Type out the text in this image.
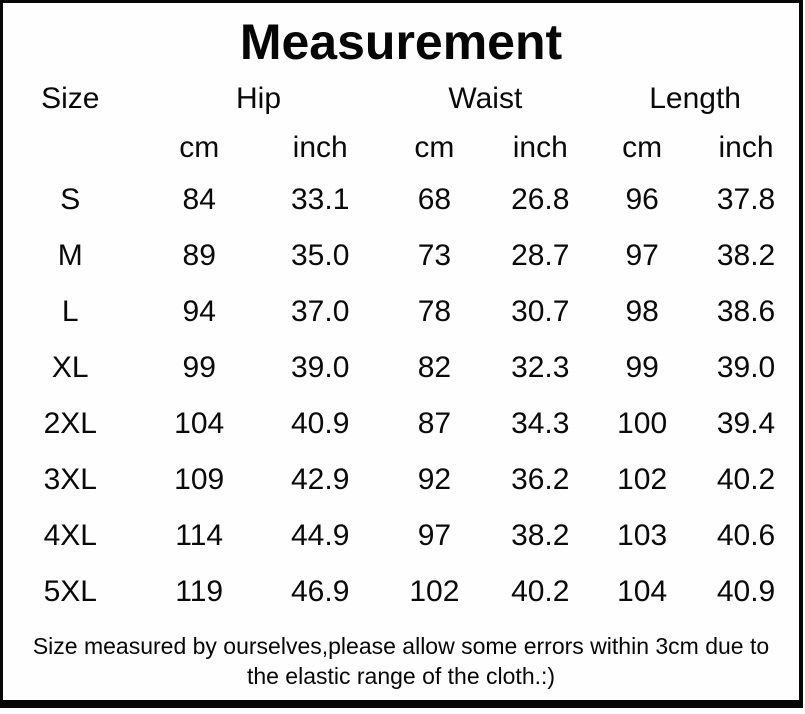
Measurement
Size	Hip		Waist		Length	
	cm	inch	cm	inch	cm	inch
S	84	33.1	68	26.8	96	37.8
M	89	35.0	73	28.7	97	38.2
L	94	37.0	78	30.7	98	38.6
XL	99	39.0	82	32.3	99	39.0
2XL	104	40.9	87	34.3	100	39.4
3XL	109	42.9	92	36.2	102	40.2
4XL	114	44.9	97	38.2	103	40.6
5XL	119	46.9	102	40.2	104	40.9

Size measured by ourselves,please allow some errors within 3cm due to the elastic range of the cloth.:)
